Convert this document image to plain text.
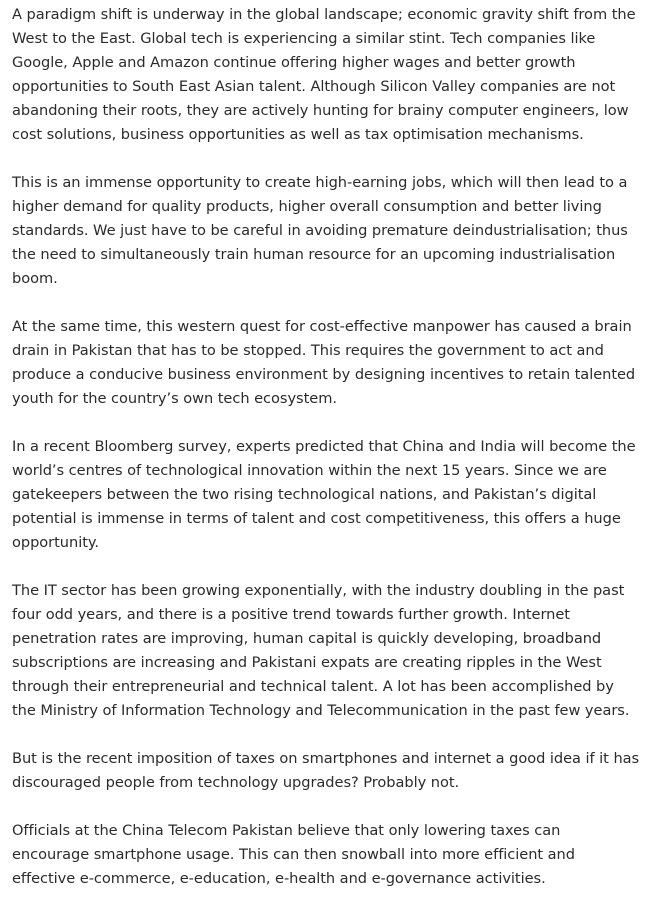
A paradigm shift is underway in the global landscape; economic gravity shift from the West to the East. Global tech is experiencing a similar stint. Tech companies like Google, Apple and Amazon continue offering higher wages and better growth opportunities to South East Asian talent. Although Silicon Valley companies are not abandoning their roots, they are actively hunting for brainy computer engineers, low cost solutions, business opportunities as well as tax optimisation mechanisms.

This is an immense opportunity to create high-earning jobs, which will then lead to a higher demand for quality products, higher overall consumption and better living standards. We just have to be careful in avoiding premature deindustrialisation; thus the need to simultaneously train human resource for an upcoming industrialisation boom.

At the same time, this western quest for cost-effective manpower has caused a brain drain in Pakistan that has to be stopped. This requires the government to act and produce a conducive business environment by designing incentives to retain talented youth for the country’s own tech ecosystem.

In a recent Bloomberg survey, experts predicted that China and India will become the world’s centres of technological innovation within the next 15 years. Since we are gatekeepers between the two rising technological nations, and Pakistan’s digital potential is immense in terms of talent and cost competitiveness, this offers a huge opportunity.

The IT sector has been growing exponentially, with the industry doubling in the past four odd years, and there is a positive trend towards further growth. Internet penetration rates are improving, human capital is quickly developing, broadband subscriptions are increasing and Pakistani expats are creating ripples in the West through their entrepreneurial and technical talent. A lot has been accomplished by the Ministry of Information Technology and Telecommunication in the past few years.

But is the recent imposition of taxes on smartphones and internet a good idea if it has discouraged people from technology upgrades? Probably not.

Officials at the China Telecom Pakistan believe that only lowering taxes can encourage smartphone usage. This can then snowball into more efficient and effective e-commerce, e-education, e-health and e-governance activities.
